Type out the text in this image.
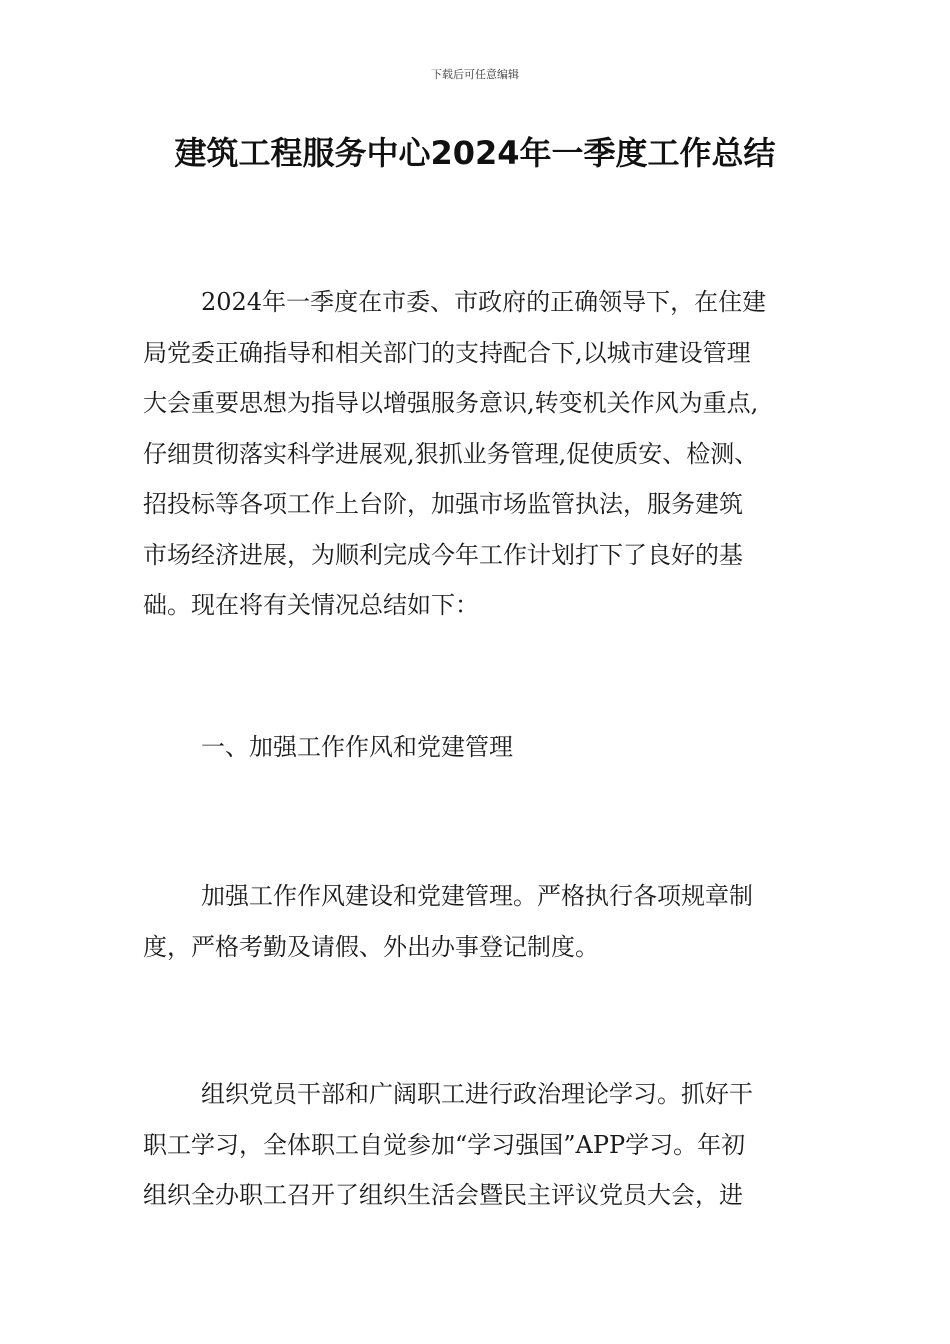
下载后可任意编辑
建筑工程服务中心2024年一季度工作总结
2024年一季度在市委、市政府的正确领导下，在住建
局党委正确指导和相关部门的支持配合下,以城市建设管理
大会重要思想为指导以增强服务意识,转变机关作风为重点,
仔细贯彻落实科学进展观,狠抓业务管理,促使质安、检测、
招投标等各项工作上台阶，加强市场监管执法，服务建筑
市场经济进展，为顺利完成今年工作计划打下了良好的基
础。现在将有关情况总结如下：
一、加强工作作风和党建管理
加强工作作风建设和党建管理。严格执行各项规章制
度，严格考勤及请假、外出办事登记制度。
组织党员干部和广阔职工进行政治理论学习。抓好干
职工学习，全体职工自觉参加“学习强国”APP学习。年初
组织全办职工召开了组织生活会暨民主评议党员大会，进
